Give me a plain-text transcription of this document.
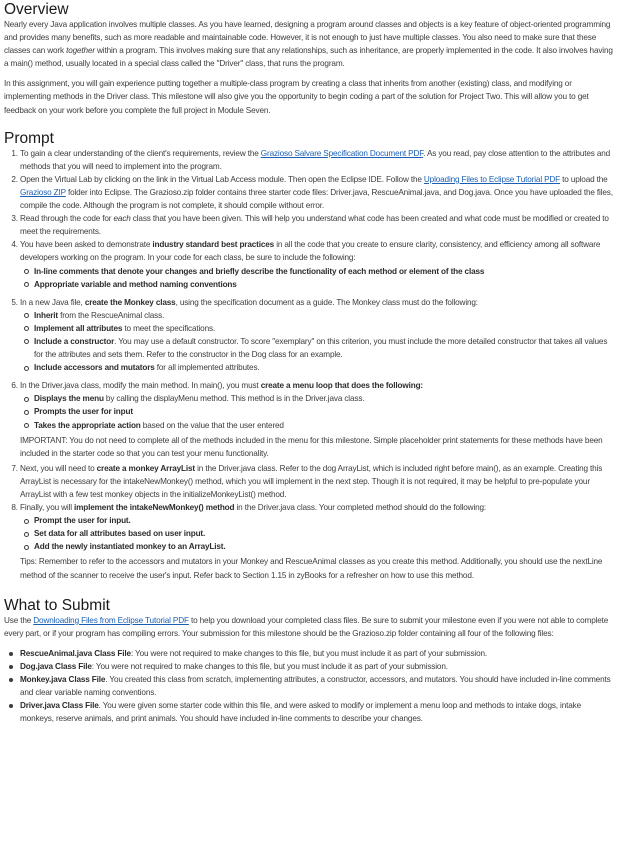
Overview

Nearly every Java application involves multiple classes. As you have learned, designing a program around classes and objects is a key feature of object-oriented programming and provides many benefits, such as more readable and maintainable code. However, it is not enough to just have multiple classes. You also need to make sure that these classes can work together within a program. This involves making sure that any relationships, such as inheritance, are properly implemented in the code. It also involves having a main() method, usually located in a special class called the "Driver" class, that runs the program.

In this assignment, you will gain experience putting together a multiple-class program by creating a class that inherits from another (existing) class, and modifying or implementing methods in the Driver class. This milestone will also give you the opportunity to begin coding a part of the solution for Project Two. This will allow you to get feedback on your work before you complete the full project in Module Seven.

Prompt
1. To gain a clear understanding of the client's requirements, review the Grazioso Salvare Specification Document PDF. As you read, pay close attention to the attributes and methods that you will need to implement into the program.
2. Open the Virtual Lab by clicking on the link in the Virtual Lab Access module. Then open the Eclipse IDE. Follow the Uploading Files to Eclipse Tutorial PDF to upload the Grazioso ZIP folder into Eclipse. The Grazioso.zip folder contains three starter code files: Driver.java, RescueAnimal.java, and Dog.java. Once you have uploaded the files, compile the code. Although the program is not complete, it should compile without error.
3. Read through the code for each class that you have been given. This will help you understand what code has been created and what code must be modified or created to meet the requirements.
4. You have been asked to demonstrate industry standard best practices in all the code that you create to ensure clarity, consistency, and efficiency among all software developers working on the program. In your code for each class, be sure to include the following:
In-line comments that denote your changes and briefly describe the functionality of each method or element of the class
Appropriate variable and method naming conventions
5. In a new Java file, create the Monkey class, using the specification document as a guide. The Monkey class must do the following:
Inherit from the RescueAnimal class.
Implement all attributes to meet the specifications.
Include a constructor. You may use a default constructor. To score "exemplary" on this criterion, you must include the more detailed constructor that takes all values for the attributes and sets them. Refer to the constructor in the Dog class for an example.
Include accessors and mutators for all implemented attributes.
6. In the Driver.java class, modify the main method. In main(), you must create a menu loop that does the following:
Displays the menu by calling the displayMenu method. This method is in the Driver.java class.
Prompts the user for input
Takes the appropriate action based on the value that the user entered

IMPORTANT: You do not need to complete all of the methods included in the menu for this milestone. Simple placeholder print statements for these methods have been included in the starter code so that you can test your menu functionality.

7. Next, you will need to create a monkey ArrayList in the Driver.java class. Refer to the dog ArrayList, which is included right before main(), as an example. Creating this ArrayList is necessary for the intakeNewMonkey() method, which you will implement in the next step. Though it is not required, it may be helpful to pre-populate your ArrayList with a few test monkey objects in the initializeMonkeyList() method.
8. Finally, you will implement the intakeNewMonkey() method in the Driver.java class. Your completed method should do the following:
Prompt the user for input.
Set data for all attributes based on user input.
Add the newly instantiated monkey to an ArrayList.

Tips: Remember to refer to the accessors and mutators in your Monkey and RescueAnimal classes as you create this method. Additionally, you should use the nextLine method of the scanner to receive the user's input. Refer back to Section 1.15 in zyBooks for a refresher on how to use this method.

What to Submit

Use the Downloading Files from Eclipse Tutorial PDF to help you download your completed class files. Be sure to submit your milestone even if you were not able to complete every part, or if your program has compiling errors. Your submission for this milestone should be the Grazioso.zip folder containing all four of the following files:

RescueAnimal.java Class File: You were not required to make changes to this file, but you must include it as part of your submission.
Dog.java Class File: You were not required to make changes to this file, but you must include it as part of your submission.
Monkey.java Class File. You created this class from scratch, implementing attributes, a constructor, accessors, and mutators. You should have included in-line comments and clear variable naming conventions.
Driver.java Class File. You were given some starter code within this file, and were asked to modify or implement a menu loop and methods to intake dogs, intake monkeys, reserve animals, and print animals. You should have included in-line comments to describe your changes.
